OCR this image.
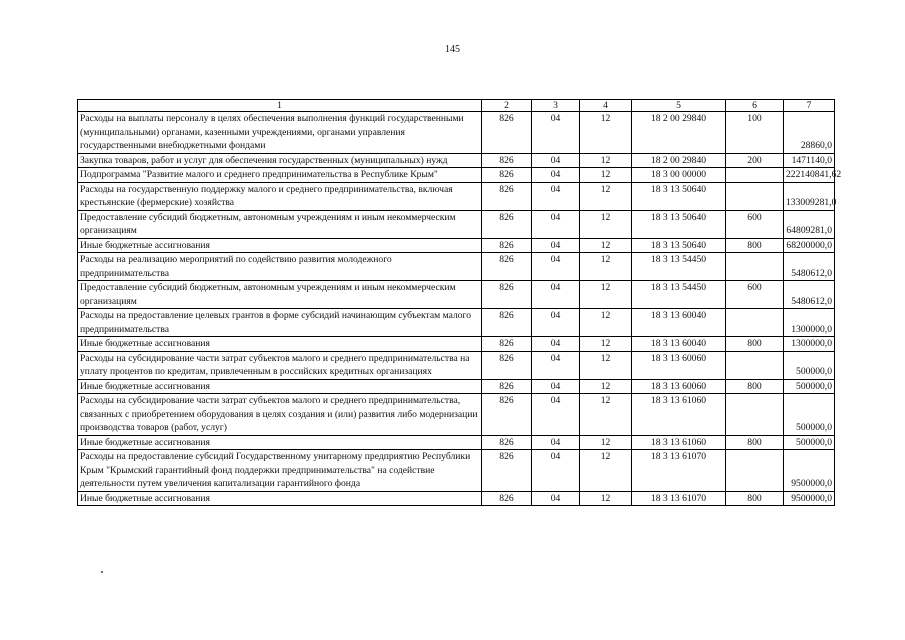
145
1	2	3	4	5	6	7
Расходы на выплаты персоналу в целях обеспечения выполнения функций государственными (муниципальными) органами, казенными учреждениями, органами управления государственными внебюджетными фондами	826	04	12	18 2 00 29840	100	28860,0
Закупка товаров, работ и услуг для обеспечения государственных (муниципальных) нужд	826	04	12	18 2 00 29840	200	1471140,0
Подпрограмма "Развитие малого и среднего предпринимательства в Республике Крым"	826	04	12	18 3 00 00000		222140841,62
Расходы на государственную поддержку малого и среднего предпринимательства, включая крестьянские (фермерские) хозяйства	826	04	12	18 3 13 50640		133009281,0
Предоставление субсидий бюджетным, автономным учреждениям и иным некоммерческим организациям	826	04	12	18 3 13 50640	600	64809281,0
Иные бюджетные ассигнования	826	04	12	18 3 13 50640	800	68200000,0
Расходы на реализацию мероприятий по содействию развития молодежного предпринимательства	826	04	12	18 3 13 54450		5480612,0
Предоставление субсидий бюджетным, автономным учреждениям и иным некоммерческим организациям	826	04	12	18 3 13 54450	600	5480612,0
Расходы на предоставление целевых грантов в форме субсидий начинающим субъектам малого предпринимательства	826	04	12	18 3 13 60040		1300000,0
Иные бюджетные ассигнования	826	04	12	18 3 13 60040	800	1300000,0
Расходы на субсидирование части затрат субъектов малого и среднего предпринимательства на уплату процентов по кредитам, привлеченным в российских кредитных организациях	826	04	12	18 3 13 60060		500000,0
Иные бюджетные ассигнования	826	04	12	18 3 13 60060	800	500000,0
Расходы на субсидирование части затрат субъектов малого и среднего предпринимательства, связанных с приобретением оборудования в целях создания и (или) развития либо модернизации производства товаров (работ, услуг)	826	04	12	18 3 13 61060		500000,0
Иные бюджетные ассигнования	826	04	12	18 3 13 61060	800	500000,0
Расходы на предоставление субсидий Государственному унитарному предприятию Республики Крым "Крымский гарантийный фонд поддержки предпринимательства" на содействие деятельности путем увеличения капитализации гарантийного фонда	826	04	12	18 3 13 61070		9500000,0
Иные бюджетные ассигнования	826	04	12	18 3 13 61070	800	9500000,0
